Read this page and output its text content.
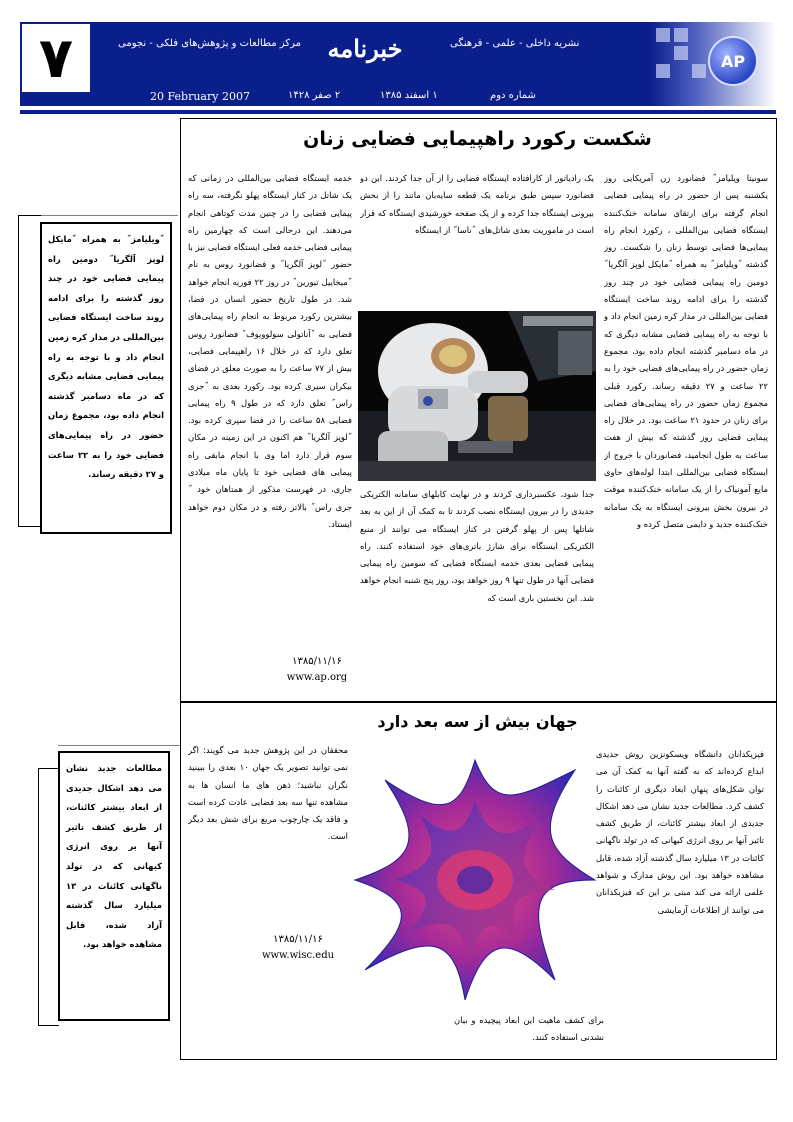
۷	مرکز مطالعات و پژوهش‌های فلکی - نجومی	خبرنامه	نشریه داخلی - علمی - فرهنگی
20 February 2007	۲ صفر ۱۴۲۸	۱ اسفند ۱۳۸۵	شماره دوم
AP
شکست رکورد راهپیمایی فضایی زنان
سونیتا ویلیامز˝ فضانورد زن آمریکایی روز یکشنبه پس از حضور در راه پیمایی فضایی انجام گرفته برای ارتقای سامانه خنک‌کننده ایستگاه فضایی بین‌المللی ، رکورد انجام راه پیمایی‌ها فضایی توسط زنان را شکست. روز گذشته ˝ویلیامز˝ به همراه ˝مایکل لوپز آلگریا˝ دومین راه پیمایی فضایی خود در چند روز گذشته را برای ادامه روند ساخت ایستگاه فضایی بین‌المللی در مدار کره زمین انجام داد و با توجه به راه پیمایی فضایی مشابه دیگری که در ماه دسامبر گذشته انجام داده بود، مجموع زمان حضور در راه پیمایی‌های فضایی خود را به ۲۲ ساعت و ۲۷ دقیقه رساند. رکورد قبلی مجموع زمان حضور در راه پیمایی‌های فضایی برای زنان در حدود ۲۱ ساعت بود. در خلال راه پیمایی فضایی روز گذشته که بیش از هفت ساعت به طول انجامید، فضانوردان با خروج از ایستگاه فضایی بین‌المللی ابتدا لوله‌های حاوی مایع آمونیاک را از یک سامانه خنک‌کننده موقت در بیرون بخش بیرونی ایستگاه به یک سامانه خنک‌کننده جدید و دایمی متصل کرده و
یک رادیاتور از کارافتاده ایستگاه فضایی را از آن جدا کردند. این دو فضانورد سپس طبق برنامه یک قطعه سایه‌بان مانند را از بخش بیرونی ایستگاه جدا کرده و از یک صفحه خورشیدی ایستگاه که قرار است در ماموریت بعدی شاتل‌های ˝ناسا˝ از ایستگاه
خدمه ایستگاه فضایی بین‌المللی در زمانی که یک شاتل در کنار ایستگاه پهلو نگرفته، سه راه پیمایی فضایی را در چنین مدت کوتاهی انجام می‌دهند. این درحالی است که چهارمین راه پیمایی فضایی خدمه فعلی ایستگاه فضایی نیز با حضور ˝لوپز آلگریا˝ و فضانورد روس به نام ˝میخاییل تیورین˝ در روز ۲۲ فوریه انجام خواهد شد. در طول تاریخ حضور انسان در فضا، بیشترین رکورد مربوط به انجام راه پیمایی‌های فضایی به ˝آناتولی سولوویوف˝ فضانورد روس تعلق دارد که در خلال ۱۶ راهپیمایی فضایی، بیش از ۷۷ ساعت را به صورت معلق در فضای بیکران سیری کرده بود. رکورد بعدی به ˝جری راس˝ تعلق دارد که در طول ۹ راه پیمایی فضایی ۵۸ ساعت را در فضا سپری کرده بود. ˝لوپز آلگریا˝ هم اکنون در این زمینه در مکان سوم قرار دارد اما وی با انجام مابقی راه پیمایی های فضایی خود تا پایان ماه میلادی جاری، در فهرست مذکور از همتاهان خود ˝ جری راس˝ بالاتر رفته و در مکان دوم خواهد ایستاد.
جدا شود، عکسبرداری کردند و در نهایت کابلهای سامانه الکتریکی جدیدی را در بیرون ایستگاه نصب کردند تا به کمک آن از این به بعد شاتلها پس از پهلو گرفتن در کنار ایستگاه می توانند از منبع الکتریکی ایستگاه برای شارژ باتری‌های خود استفاده کنند. راه پیمایی فضایی بعدی خدمه ایستگاه فضایی که سومین راه پیمایی فضایی آنها در طول تنها ۹ روز خواهد بود، روز پنج شنبه انجام خواهد شد. این نخستین باری است که
۱۳۸۵/۱۱/۱۶
www.ap.org
˝ویلیامز˝ به همراه ˝مایکل لوپز آلگریا˝ دومین راه پیمایی فضایی خود در چند روز گذشته را برای ادامه روند ساخت ایستگاه فضایی بین‌المللی در مدار کره زمین انجام داد و با توجه به راه پیمایی فضایی مشابه دیگری که در ماه دسامبر گذشته انجام داده بود، مجموع زمان حضور در راه پیمایی‌های فضایی خود را به ۲۲ ساعت و ۲۷ دقیقه رساند.
جهان بیش از سه بعد دارد
فیزیکدانان دانشگاه ویسکونزین روش جدیدی ابداع کرده‌اند که به گفته آنها به کمک آن می توان شکل‌های پنهان ابعاد دیگری از کائنات را کشف کرد. مطالعات جدید نشان می دهد اشکال جدیدی از ابعاد بیشتر کائنات، از طریق کشف تاثیر آنها بر روی انرژی کیهانی که در تولد ناگهانی کائنات در ۱۳ میلیارد سال گذشته آزاد شده، قابل مشاهده خواهد بود. این روش مدارک و شواهد علمی ارائه می کند مبنی بر این که فیزیکدانان می توانند از اطلاعات آزمایشی
محققان در این پژوهش جدید می گویند: اگر نمی توانید تصویر یک جهان ۱۰ بعدی را ببینید نگران نباشید؛ ذهن های ما انسان ها به مشاهده تنها سه بعد فضایی عادت کرده است و فاقد یک چارچوب مربع برای شش بعد دیگر است.
۱۳۸۵/۱۱/۱۶
www.wisc.edu
برای کشف ماهیت این ابعاد پیچیده و بیان نشدنی استفاده کنند.
مطالعات جدید نشان می دهد اشکال جدیدی از ابعاد بیشتر کائنات، از طریق کشف تاثیر آنها بر روی انرژی کیهانی که در تولد ناگهانی کائنات در ۱۳ میلیارد سال گذشته آزاد شده، قابل مشاهده خواهد بود.
